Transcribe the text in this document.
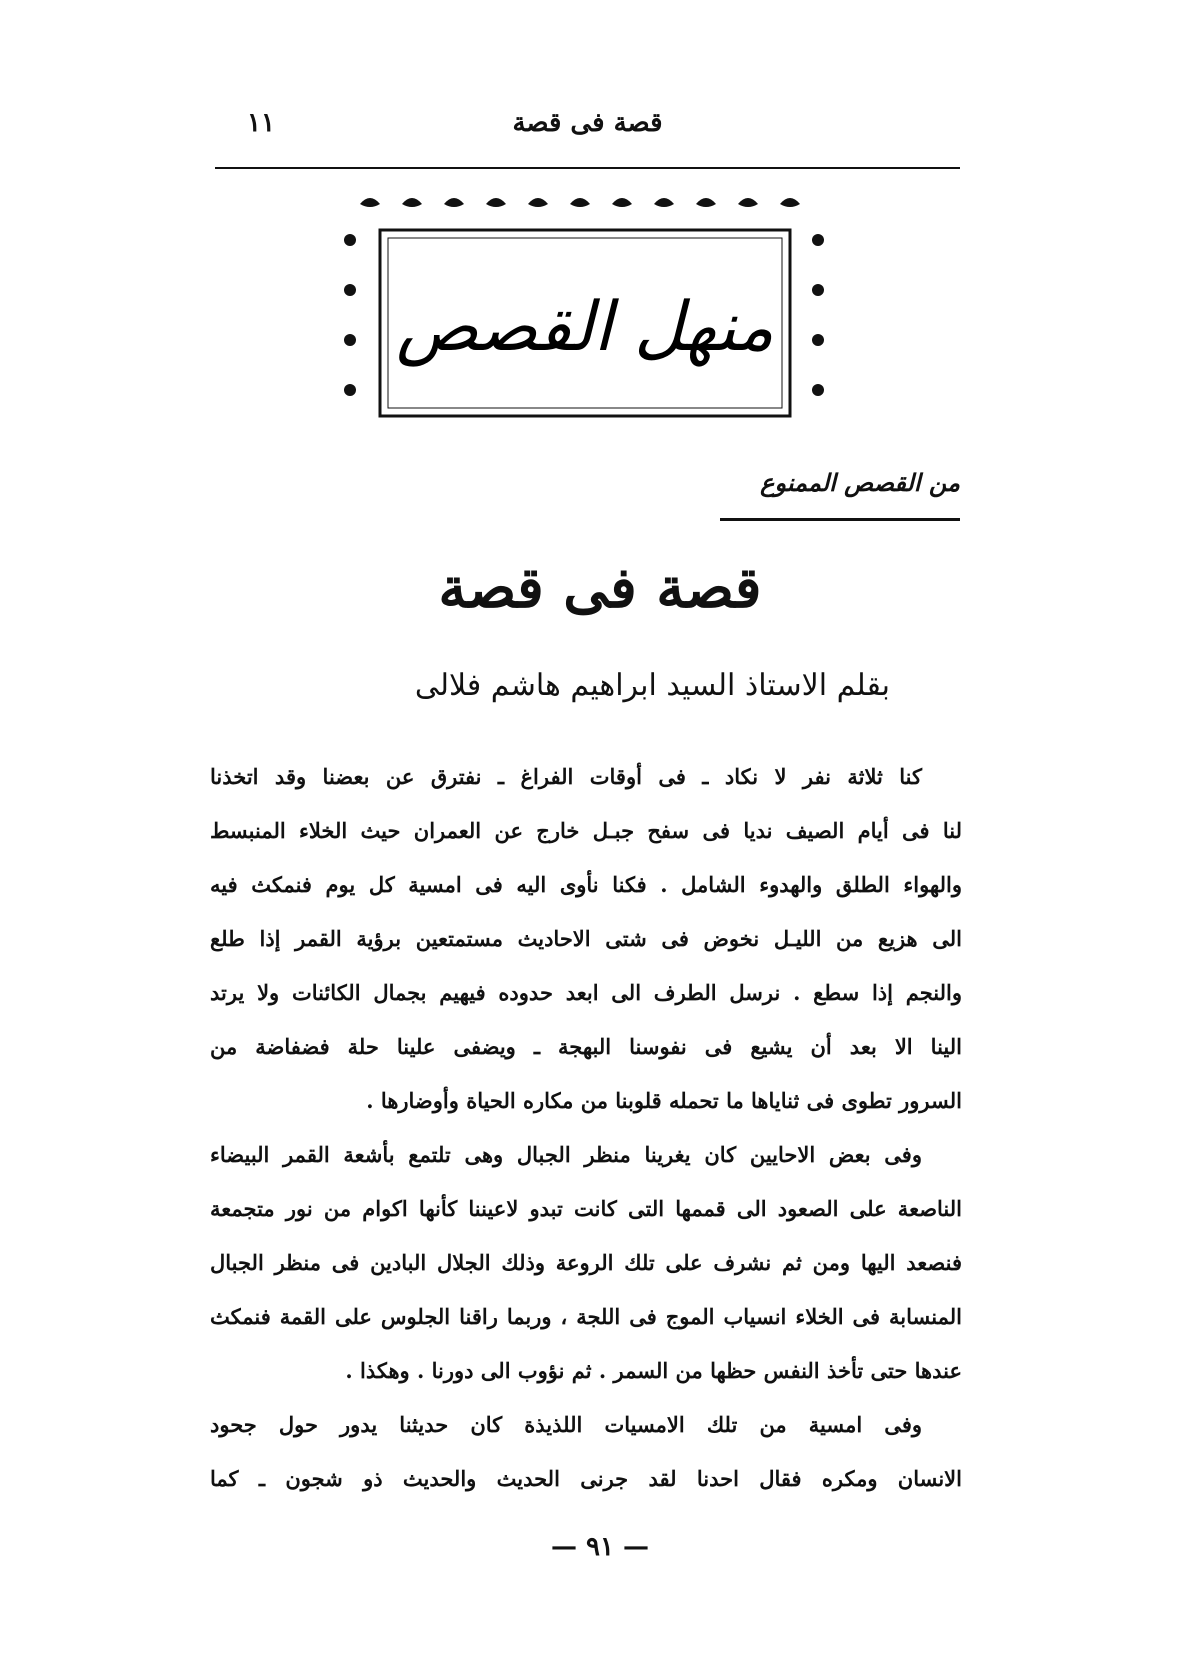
قصة فى قصة
١١
منهل القصص
من القصص الممنوع
قصة فى قصة
بقلم الاستاذ السيد ابراهيم هاشم فلالى
كنا ثلاثة نفر لا نكاد ـ فى أوقات الفراغ ـ نفترق عن بعضنا وقد اتخذنا
لنا فى أيام الصيف نديا فى سفح جبـل خارج عن العمران حيث الخلاء المنبسط
والهواء الطلق والهدوء الشامل . فكنا نأوى اليه فى امسية كل يوم فنمكث فيه
الى هزيع من الليـل نخوض فى شتى الاحاديث مستمتعين برؤية القمر إذا طلع
والنجم إذا سطع . نرسل الطرف الى ابعد حدوده فيهيم بجمال الكائنات ولا يرتد
الينا الا بعد أن يشيع فى نفوسنا البهجة ـ ويضفى علينا حلة فضفاضة من
السرور تطوى فى ثناياها ما تحمله قلوبنا من مكاره الحياة وأوضارها .
وفى بعض الاحايين كان يغرينا منظر الجبال وهى تلتمع بأشعة القمر البيضاء
الناصعة على الصعود الى قممها التى كانت تبدو لاعيننا كأنها اكوام من نور متجمعة
فنصعد اليها ومن ثم نشرف على تلك الروعة وذلك الجلال البادين فى منظر الجبال
المنسابة فى الخلاء انسياب الموج فى اللجة ، وربما راقنا الجلوس على القمة فنمكث
عندها حتى تأخذ النفس حظها من السمر . ثم نؤوب الى دورنا . وهكذا .
وفى امسية من تلك الامسيات اللذيذة كان حديثنا يدور حول جحود
الانسان ومكره فقال احدنا لقد جرنى الحديث والحديث ذو شجون ـ كما
— ٩١ —
